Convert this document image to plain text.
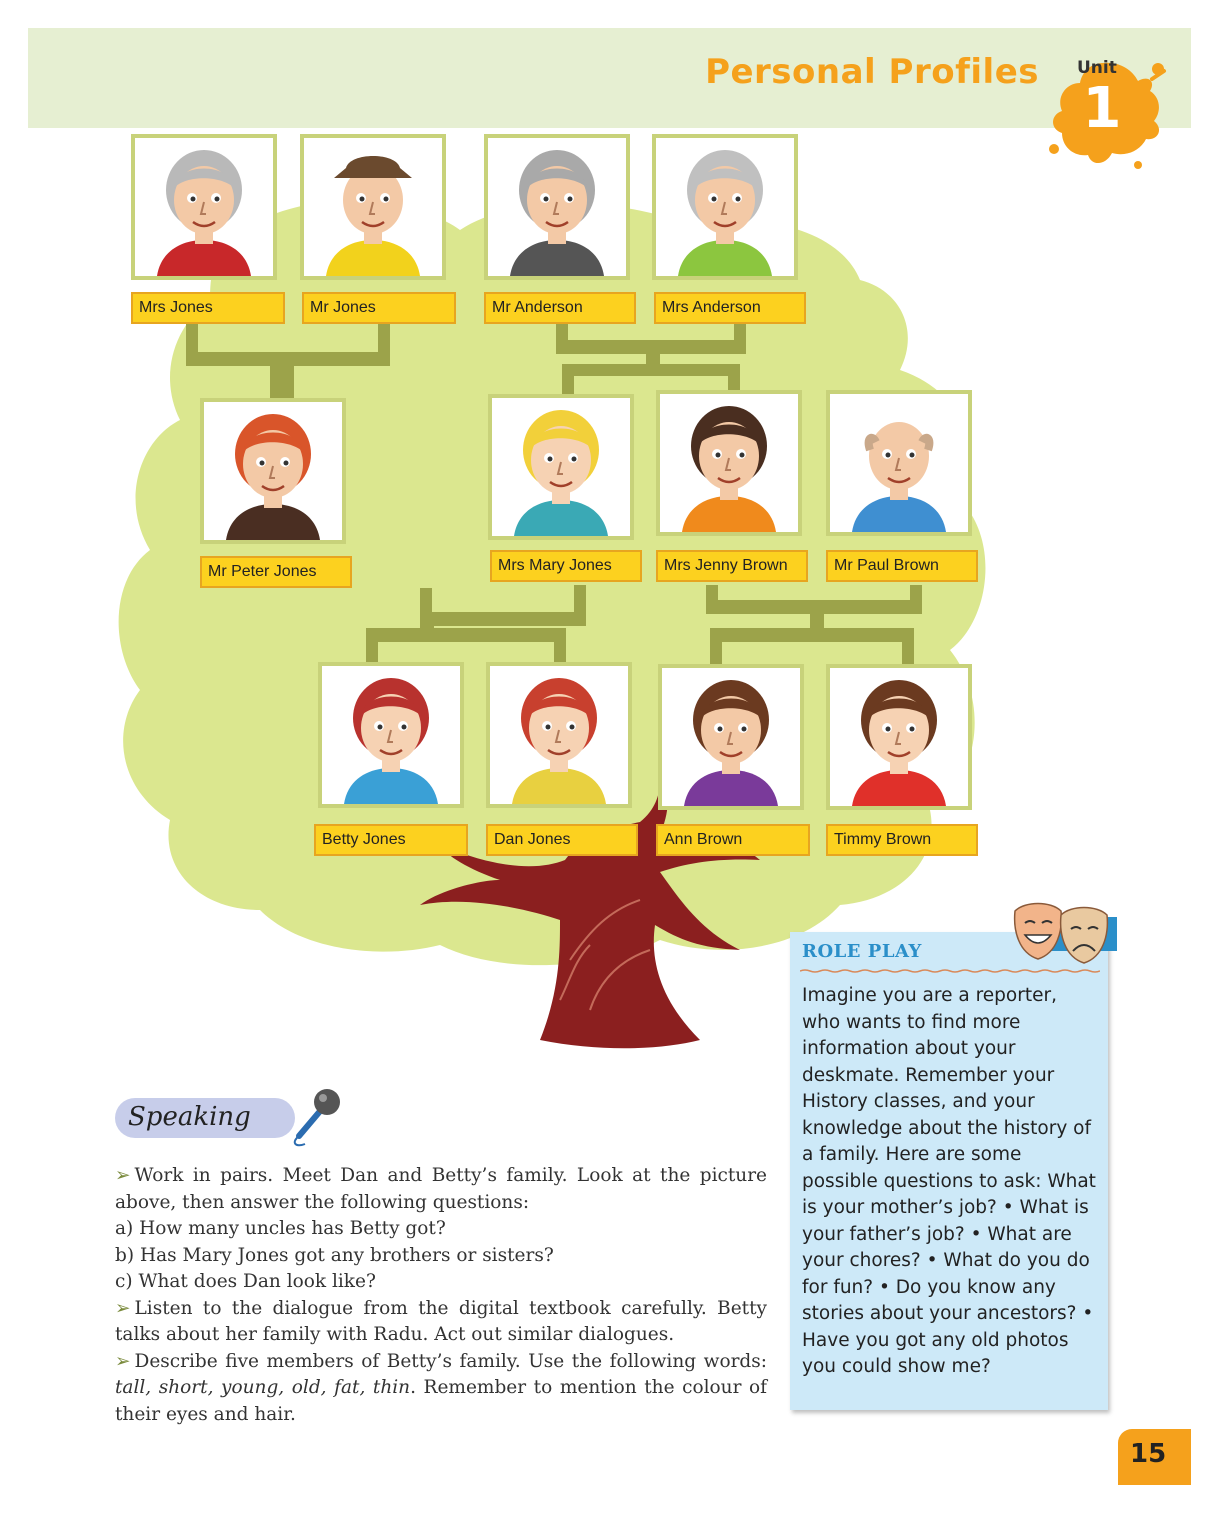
Personal Profiles Unit
1
Mrs Jones	Mr Jones	Mr Anderson	Mrs Anderson
Mr Peter Jones	Mrs Mary Jones	Mrs Jenny Brown	Mr Paul Brown
Betty Jones	Dan Jones	Ann Brown	Timmy Brown
Speaking

➢ Work in pairs. Meet Dan and Betty’s family. Look at the picture above, then answer the following questions:

a) How many uncles has Betty got?

b) Has Mary Jones got any brothers or sisters?

c) What does Dan look like?

➢ Listen to the dialogue from the digital textbook carefully. Betty talks about her family with Radu. Act out similar dialogues.

➢ Describe five members of Betty’s family. Use the following words: tall, short, young, old, fat, thin. Remember to mention the colour of their eyes and hair.

ROLE PLAY
Imagine you are a reporter, who wants to find more information about your deskmate. Remember your History classes, and your knowledge about the history of a family. Here are some possible questions to ask: What is your mother’s job? • What is your father’s job? • What are your chores? • What do you do for fun? • Do you know any stories about your ancestors? • Have you got any old photos you could show me?
15
